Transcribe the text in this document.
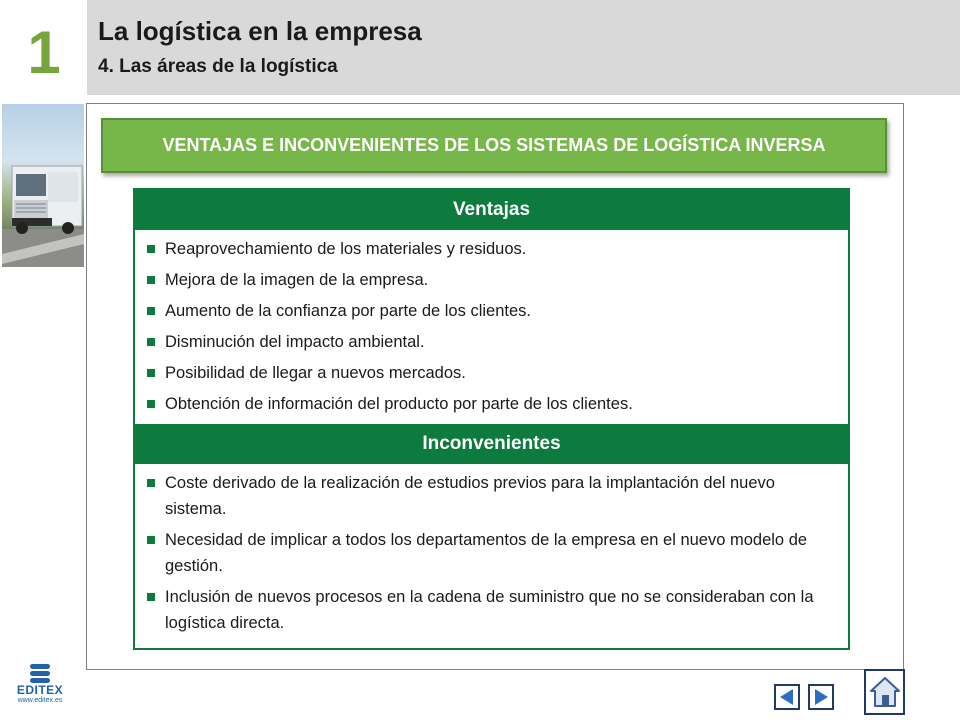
1 La logística en la empresa
4. Las áreas de la logística
VENTAJAS E INCONVENIENTES DE LOS SISTEMAS DE LOGÍSTICA INVERSA
Ventajas
Reaprovechamiento de los materiales y residuos.
Mejora de la imagen de la empresa.
Aumento de la confianza por parte de los clientes.
Disminución del impacto ambiental.
Posibilidad de llegar a nuevos mercados.
Obtención de información del producto por parte de los clientes.
Inconvenientes
Coste derivado de la realización de estudios previos para la implantación del nuevo sistema.
Necesidad de implicar a todos los departamentos de la empresa en el nuevo modelo de gestión.
Inclusión de nuevos procesos en la cadena de suministro que no se consideraban con la logística directa.
EDITEX
www.editex.es
